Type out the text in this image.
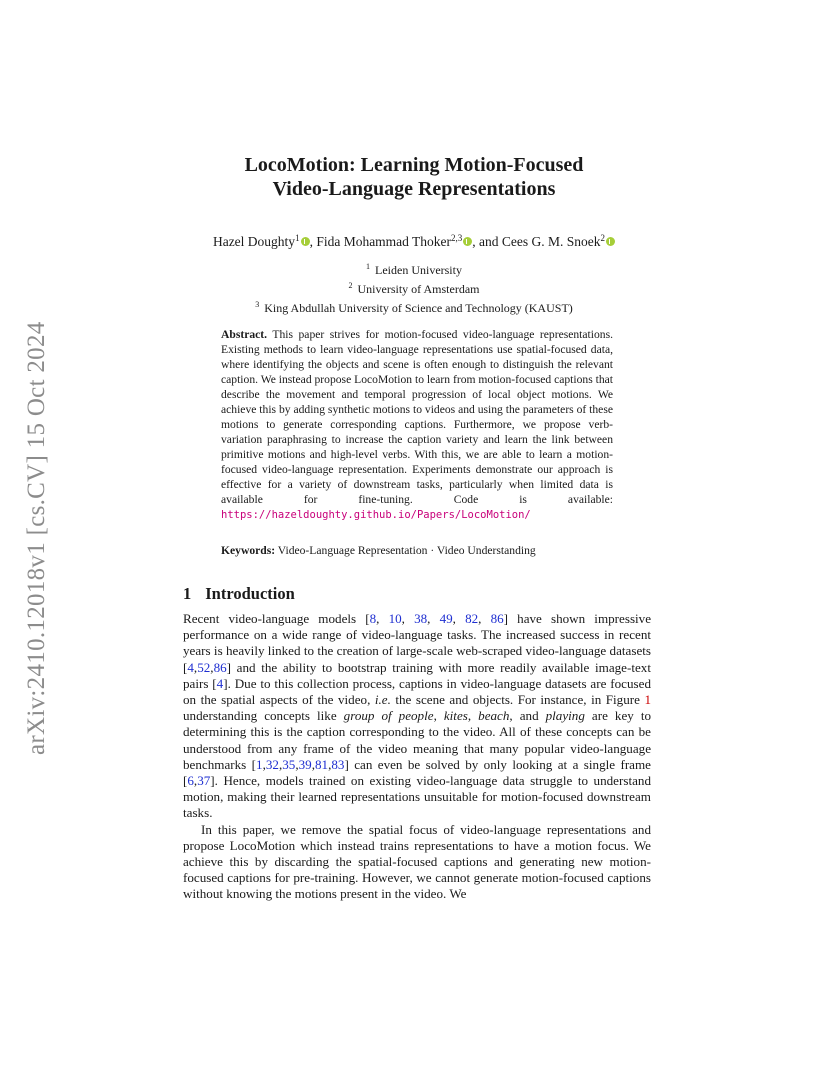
arXiv:2410.12018v1 [cs.CV] 15 Oct 2024
LocoMotion: Learning Motion-Focused
Video-Language Representations
Hazel Doughty$^1$ , Fida Mohammad Thoker$^{2,3}$ , and Cees G. M. Snoek$^2$
$^1$ Leiden University
$^2$ University of Amsterdam
$^3$ King Abdullah University of Science and Technology (KAUST)
Abstract. This paper strives for motion-focused video-language representations. Existing methods to learn video-language representations use spatial-focused data, where identifying the objects and scene is often enough to distinguish the relevant caption. We instead propose LocoMotion to learn from motion-focused captions that describe the movement and temporal progression of local object motions. We achieve this by adding synthetic motions to videos and using the parameters of these motions to generate corresponding captions. Furthermore, we propose verb-variation paraphrasing to increase the caption variety and learn the link between primitive motions and high-level verbs. With this, we are able to learn a motion-focused video-language representation. Experiments demonstrate our approach is effective for a variety of downstream tasks, particularly when limited data is available for fine-tuning. Code is available: https://hazeldoughty.github.io/Papers/LocoMotion/
Keywords: Video-Language Representation · Video Understanding
1 Introduction

Recent video-language models [8, 10, 38, 49, 82, 86] have shown impressive performance on a wide range of video-language tasks. The increased success in recent years is heavily linked to the creation of large-scale web-scraped video-language datasets [4,52,86] and the ability to bootstrap training with more readily available image-text pairs [4]. Due to this collection process, captions in video-language datasets are focused on the spatial aspects of the video, i.e. the scene and objects. For instance, in Figure 1 understanding concepts like group of people, kites, beach, and playing are key to determining this is the caption corresponding to the video. All of these concepts can be understood from any frame of the video meaning that many popular video-language benchmarks [1,32,35,39,81,83] can even be solved by only looking at a single frame [6,37]. Hence, models trained on existing video-language data struggle to understand motion, making their learned representations unsuitable for motion-focused downstream tasks.

In this paper, we remove the spatial focus of video-language representations and propose LocoMotion which instead trains representations to have a motion focus. We achieve this by discarding the spatial-focused captions and generating new motion-focused captions for pre-training. However, we cannot generate motion-focused captions without knowing the motions present in the video. We
